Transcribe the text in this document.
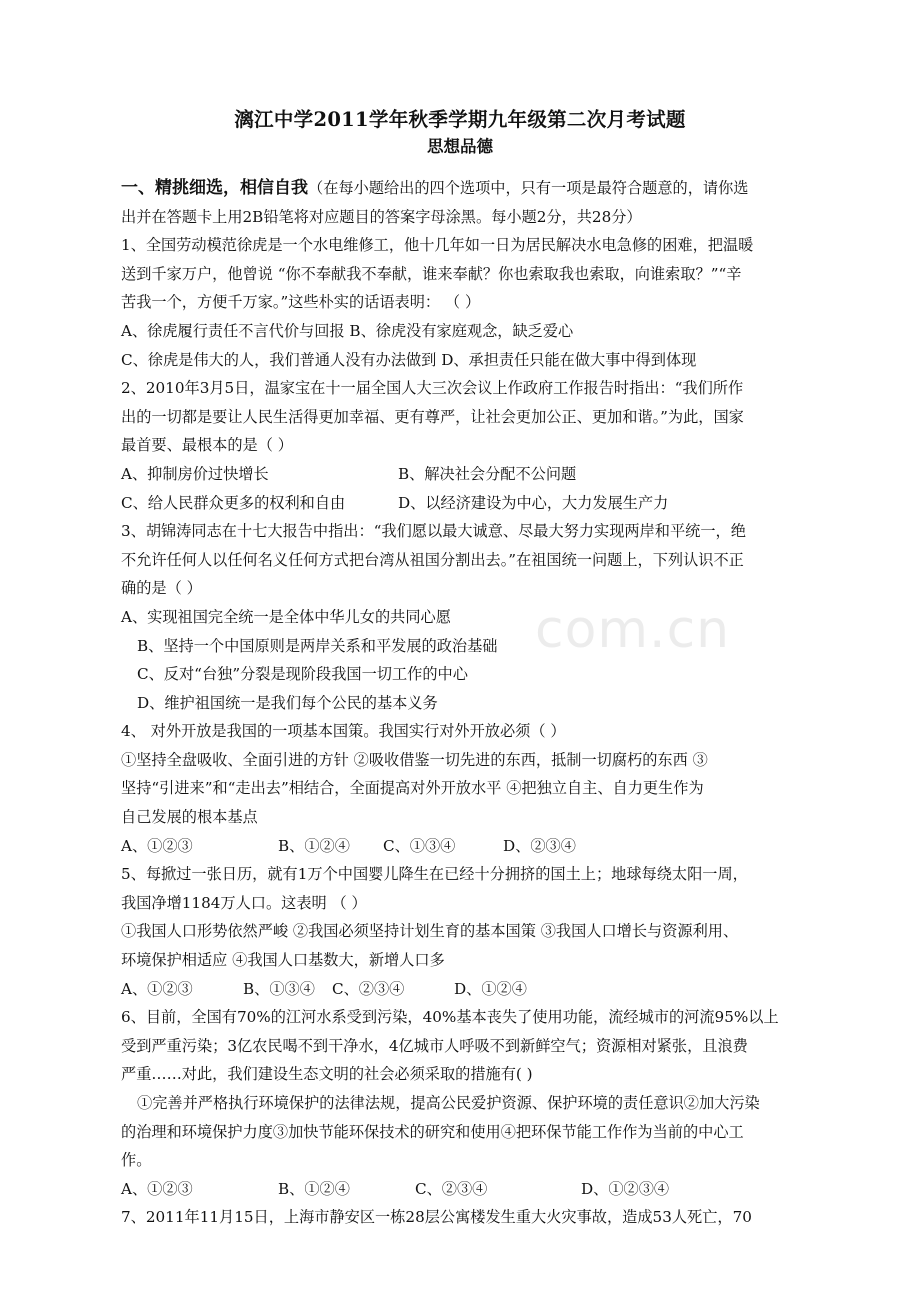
com.cn
漓江中学2011学年秋季学期九年级第二次月考试题
思想品德
一、精挑细选，相信自我（在每小题给出的四个选项中，只有一项是最符合题意的，请你选
出并在答题卡上用2B铅笔将对应题目的答案字母涂黑。每小题2分，共28分）
1、全国劳动模范徐虎是一个水电维修工，他十几年如一日为居民解决水电急修的困难，把温暖
送到千家万户，他曾说 “你不奉献我不奉献，谁来奉献？你也索取我也索取，向谁索取？”“辛
苦我一个，方便千万家。”这些朴实的话语表明： （ ）
A、徐虎履行责任不言代价与回报 B、徐虎没有家庭观念，缺乏爱心
C、徐虎是伟大的人，我们普通人没有办法做到 D、承担责任只能在做大事中得到体现
2、2010年3月5日，温家宝在十一届全国人大三次会议上作政府工作报告时指出：“我们所作
出的一切都是要让人民生活得更加幸福、更有尊严，让社会更加公正、更加和谐。”为此，国家
最首要、最根本的是（ ）
A、抑制房价过快增长	B、解决社会分配不公问题
C、给人民群众更多的权利和自由	D、以经济建设为中心，大力发展生产力
3、胡锦涛同志在十七大报告中指出：“我们愿以最大诚意、尽最大努力实现两岸和平统一，绝
不允许任何人以任何名义任何方式把台湾从祖国分割出去。”在祖国统一问题上，下列认识不正
确的是（ ）
A、实现祖国完全统一是全体中华儿女的共同心愿
B、坚持一个中国原则是两岸关系和平发展的政治基础
C、反对“台独”分裂是现阶段我国一切工作的中心
D、维护祖国统一是我们每个公民的基本义务
4、 对外开放是我国的一项基本国策。我国实行对外开放必须（ ）
①坚持全盘吸收、全面引进的方针 ②吸收借鉴一切先进的东西，抵制一切腐朽的东西 ③
坚持“引进来”和“走出去”相结合，全面提高对外开放水平 ④把独立自主、自力更生作为
自己发展的根本基点
A、①②③	B、①②④ C、①③④	D、②③④
5、每掀过一张日历，就有1万个中国婴儿降生在已经十分拥挤的国土上；地球每绕太阳一周，
我国净增1184万人口。这表明 （ ）
①我国人口形势依然严峻 ②我国必须坚持计划生育的基本国策 ③我国人口增长与资源利用、
环境保护相适应 ④我国人口基数大，新增人口多
A、①②③	B、①③④ C、②③④	D、①②④
6、目前，全国有70%的江河水系受到污染，40%基本丧失了使用功能，流经城市的河流95%以上
受到严重污染；3亿农民喝不到干净水，4亿城市人呼吸不到新鲜空气；资源相对紧张，且浪费
严重……对此，我们建设生态文明的社会必须采取的措施有( )
①完善并严格执行环境保护的法律法规，提高公民爱护资源、保护环境的责任意识②加大污染
的治理和环境保护力度③加快节能环保技术的研究和使用④把环保节能工作作为当前的中心工
作。
A、①②③	B、①②④	C、②③④	D、①②③④
7、2011年11月15日，上海市静安区一栋28层公寓楼发生重大火灾事故，造成53人死亡，70
